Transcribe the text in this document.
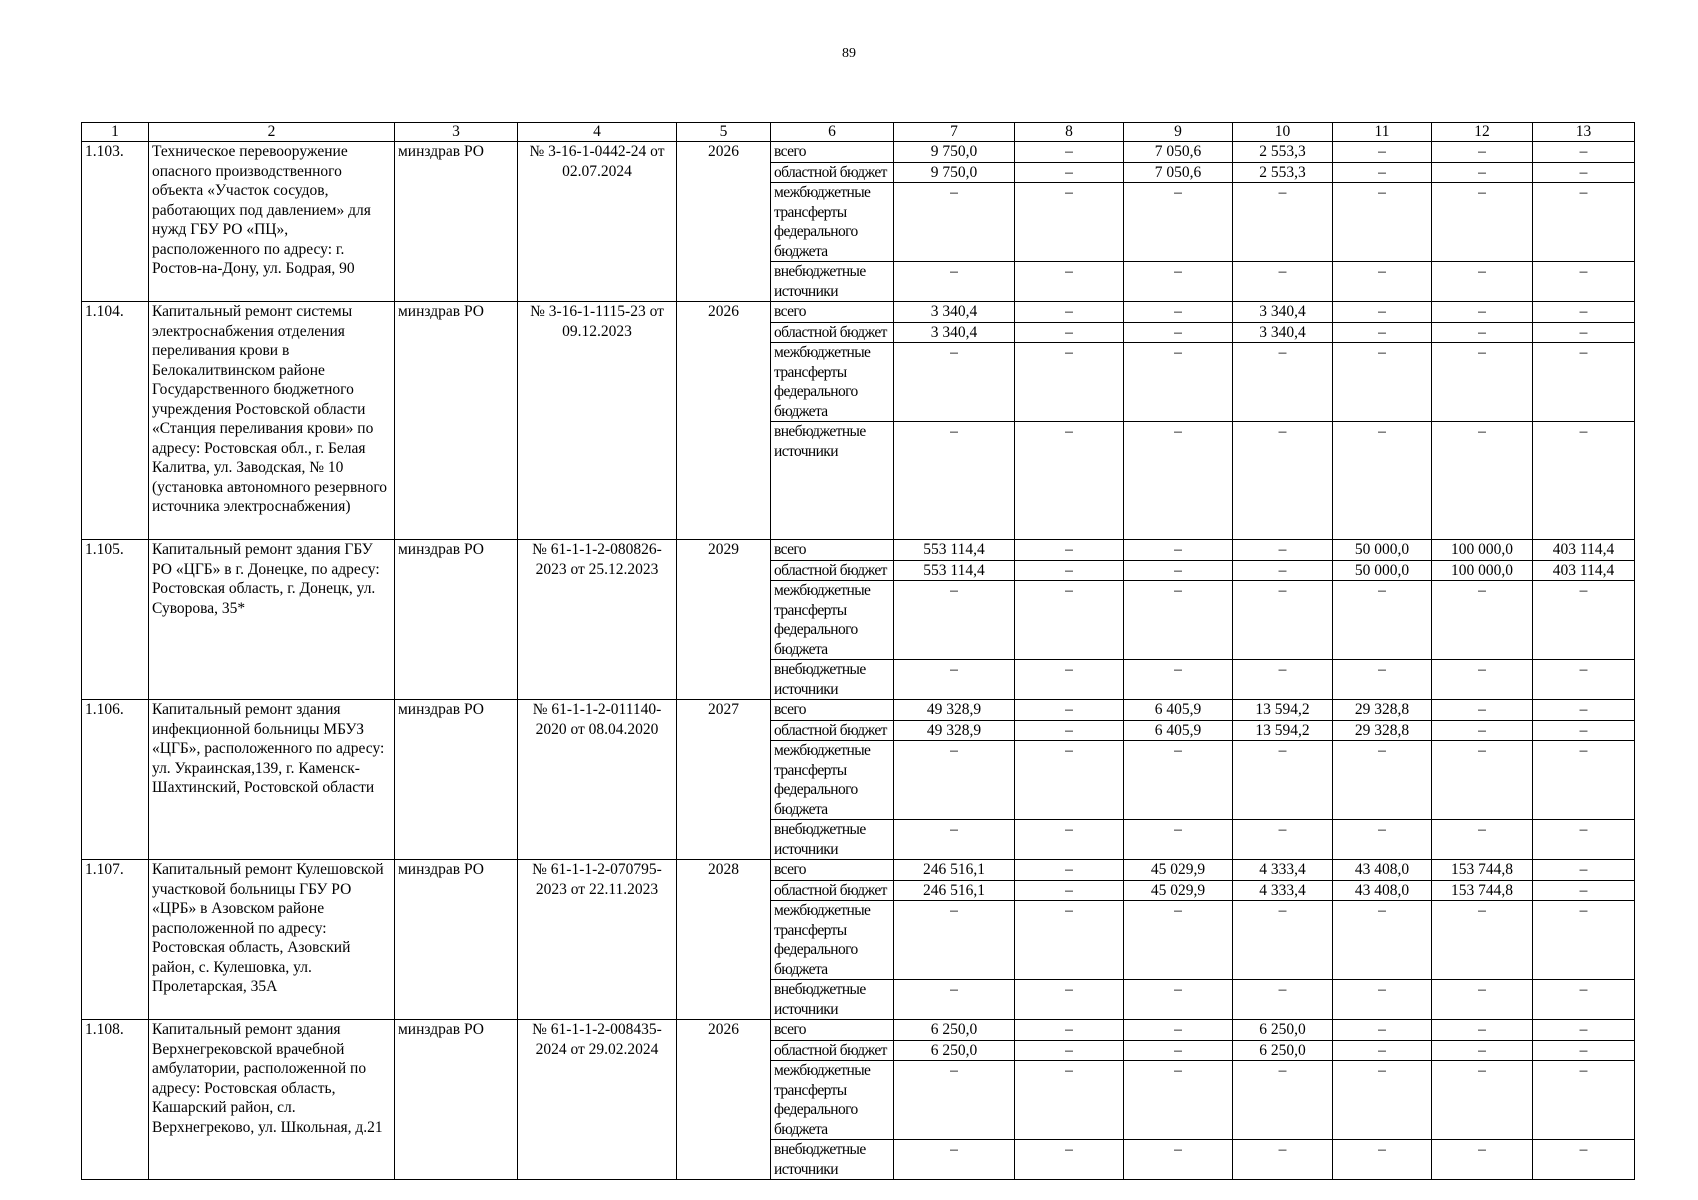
89
1	2	3	4	5	6	7	8	9	10	11	12	13
1.103.	Техническое перевооружение опасного производственного объекта «Участок сосудов, работающих под давлением» для нужд ГБУ РО «ПЦ», расположенного по адресу: г. Ростов-на-Дону, ул. Бодрая, 90	минздрав РО	№ 3-16-1-0442-24 от 02.07.2024	2026	всего	9 750,0	–	7 050,6	2 553,3	–	–	–
					областной бюджет	9 750,0	–	7 050,6	2 553,3	–	–	–
					межбюджетные трансферты федерального бюджета	–	–	–	–	–	–	–
					внебюджетные источники	–	–	–	–	–	–	–
1.104.	Капитальный ремонт системы электроснабжения отделения переливания крови в Белокалитвинском районе Государственного бюджетного учреждения Ростовской области «Станция переливания крови» по адресу: Ростовская обл., г. Белая Калитва, ул. Заводская, № 10 (установка автономного резервного источника электроснабжения)	минздрав РО	№ 3-16-1-1115-23 от 09.12.2023	2026	всего	3 340,4	–	–	3 340,4	–	–	–
					областной бюджет	3 340,4	–	–	3 340,4	–	–	–
					межбюджетные трансферты федерального бюджета	–	–	–	–	–	–	–
					внебюджетные источники	–	–	–	–	–	–	–
1.105.	Капитальный ремонт здания ГБУ РО «ЦГБ» в г. Донецке, по адресу: Ростовская область, г. Донецк, ул. Суворова, 35*	минздрав РО	№ 61-1-1-2-080826-2023 от 25.12.2023	2029	всего	553 114,4	–	–	–	50 000,0	100 000,0	403 114,4
					областной бюджет	553 114,4	–	–	–	50 000,0	100 000,0	403 114,4
					межбюджетные трансферты федерального бюджета	–	–	–	–	–	–	–
					внебюджетные источники	–	–	–	–	–	–	–
1.106.	Капитальный ремонт здания инфекционной больницы МБУЗ «ЦГБ», расположенного по адресу: ул. Украинская,139, г. Каменск-Шахтинский, Ростовской области	минздрав РО	№ 61-1-1-2-011140-2020 от 08.04.2020	2027	всего	49 328,9	–	6 405,9	13 594,2	29 328,8	–	–
					областной бюджет	49 328,9	–	6 405,9	13 594,2	29 328,8	–	–
					межбюджетные трансферты федерального бюджета	–	–	–	–	–	–	–
					внебюджетные источники	–	–	–	–	–	–	–
1.107.	Капитальный ремонт Кулешовской участковой больницы ГБУ РО «ЦРБ» в Азовском районе расположенной по адресу: Ростовская область, Азовский район, с. Кулешовка, ул. Пролетарская, 35А	минздрав РО	№ 61-1-1-2-070795-2023 от 22.11.2023	2028	всего	246 516,1	–	45 029,9	4 333,4	43 408,0	153 744,8	–
					областной бюджет	246 516,1	–	45 029,9	4 333,4	43 408,0	153 744,8	–
					межбюджетные трансферты федерального бюджета	–	–	–	–	–	–	–
					внебюджетные источники	–	–	–	–	–	–	–
1.108.	Капитальный ремонт здания Верхнегрековской врачебной амбулатории, расположенной по адресу: Ростовская область, Кашарский район, сл. Верхнегреково, ул. Школьная, д.21	минздрав РО	№ 61-1-1-2-008435-2024 от 29.02.2024	2026	всего	6 250,0	–	–	6 250,0	–	–	–
					областной бюджет	6 250,0	–	–	6 250,0	–	–	–
					межбюджетные трансферты федерального бюджета	–	–	–	–	–	–	–
					внебюджетные источники	–	–	–	–	–	–	–
